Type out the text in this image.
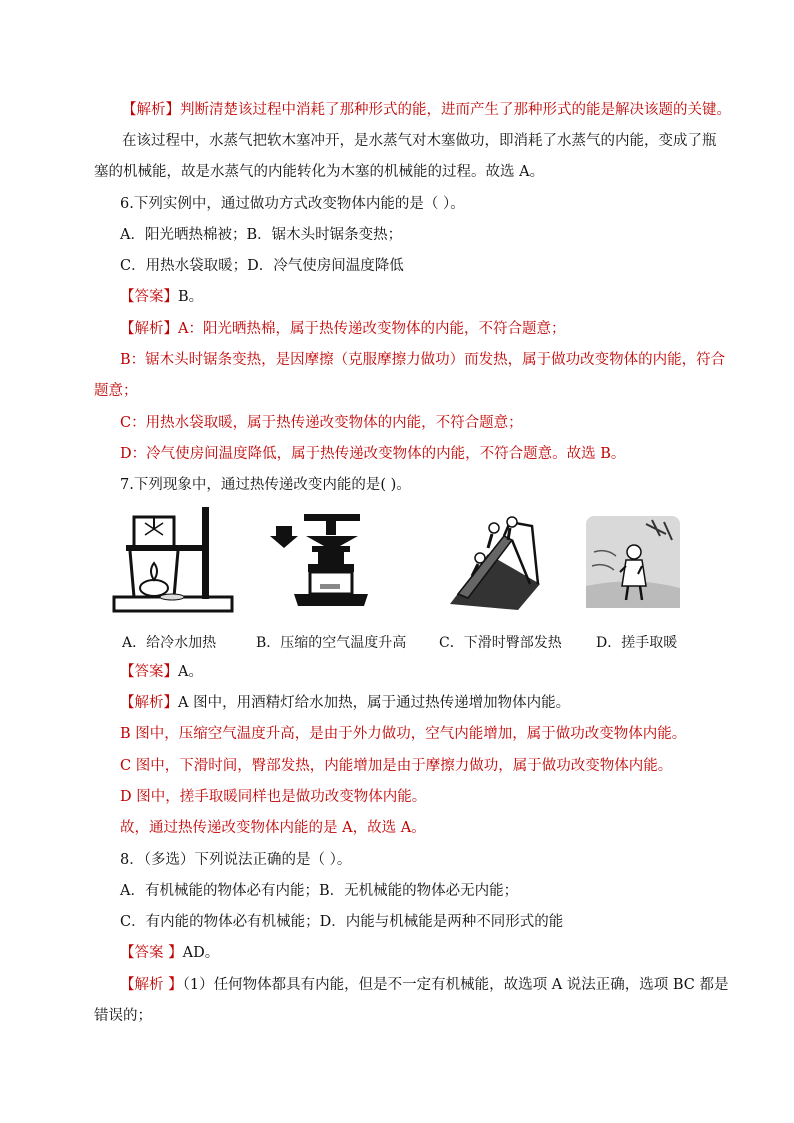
【解析】判断清楚该过程中消耗了那种形式的能，进而产生了那种形式的能是解决该题的关键。
在该过程中，水蒸气把软木塞冲开，是水蒸气对木塞做功，即消耗了水蒸气的内能，变成了瓶
塞的机械能，故是水蒸气的内能转化为木塞的机械能的过程。故选 A。
6.下列实例中，通过做功方式改变物体内能的是（ ）。
A．阳光晒热棉被；B．锯木头时锯条变热；
C．用热水袋取暖；D．冷气使房间温度降低
【答案】B。
【解析】A：阳光晒热棉，属于热传递改变物体的内能，不符合题意；
B：锯木头时锯条变热，是因摩擦（克服摩擦力做功）而发热，属于做功改变物体的内能，符合
题意；
C：用热水袋取暖，属于热传递改变物体的内能，不符合题意；
D：冷气使房间温度降低，属于热传递改变物体的内能，不符合题意。故选 B。
7.下列现象中，通过热传递改变内能的是( )。
A．给冷水加热	B．压缩的空气温度升高 C．下滑时臀部发热 D．搓手取暖
【答案】A。
【解析】A 图中，用酒精灯给水加热，属于通过热传递增加物体内能。
B 图中，压缩空气温度升高，是由于外力做功，空气内能增加，属于做功改变物体内能。
C 图中，下滑时间，臀部发热，内能增加是由于摩擦力做功，属于做功改变物体内能。
D 图中，搓手取暖同样也是做功改变物体内能。
故，通过热传递改变物体内能的是 A，故选 A。
8．（多选）下列说法正确的是（ ）。
A．有机械能的物体必有内能；B．无机械能的物体必无内能；
C．有内能的物体必有机械能；D．内能与机械能是两种不同形式的能
【答案 】AD。
【解析 】（1）任何物体都具有内能，但是不一定有机械能，故选项 A 说法正确，选项 BC 都是
错误的；
